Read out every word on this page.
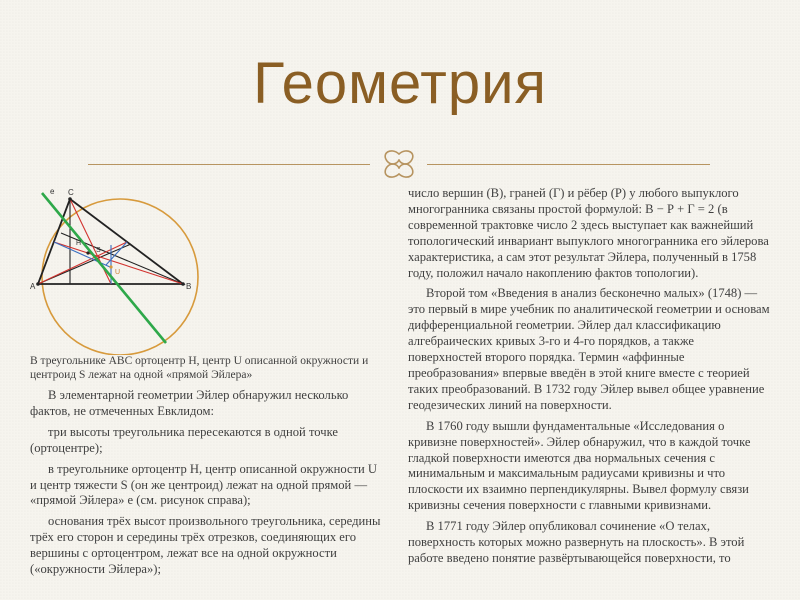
Геометрия
A	B
C
e
H
S
U

В треугольнике ABC ортоцентр H, центр U описанной окружности и центроид S лежат на одной «прямой Эйлера»

В элементарной геометрии Эйлер обнаружил несколько фактов, не отмеченных Евклидом:

три высоты треугольника пересекаются в одной точке (ортоцентре);

в треугольнике ортоцентр H, центр описанной окружности U и центр тяжести S (он же центроид) лежат на одной прямой — «прямой Эйлера» e (см. рисунок справа);

основания трёх высот произвольного треугольника, середины трёх его сторон и середины трёх отрезков, соединяющих его вершины с ортоцентром, лежат все на одной окружности («окружности Эйлера»);

число вершин (В), граней (Г) и рёбер (Р) у любого выпуклого многогранника связаны простой формулой: В − Р + Г = 2 (в современной трактовке число 2 здесь выступает как важнейший топологический инвариант выпуклого многогранника его эйлерова характеристика, а сам этот результат Эйлера, полученный в 1758 году, положил начало накоплению фактов топологии).

Второй том «Введения в анализ бесконечно малых» (1748) — это первый в мире учебник по аналитической геометрии и основам дифференциальной геометрии. Эйлер дал классификацию алгебраических кривых 3-го и 4-го порядков, а также поверхностей второго порядка. Термин «аффинные преобразования» впервые введён в этой книге вместе с теорией таких преобразований. В 1732 году Эйлер вывел общее уравнение геодезических линий на поверхности.

В 1760 году вышли фундаментальные «Исследования о кривизне поверхностей». Эйлер обнаружил, что в каждой точке гладкой поверхности имеются два нормальных сечения с минимальным и максимальным радиусами кривизны и что плоскости их взаимно перпендикулярны. Вывел формулу связи кривизны сечения поверхности с главными кривизнами.

В 1771 году Эйлер опубликовал сочинение «О телах, поверхность которых можно развернуть на плоскость». В этой работе введено понятие развёртывающейся поверхности, то
